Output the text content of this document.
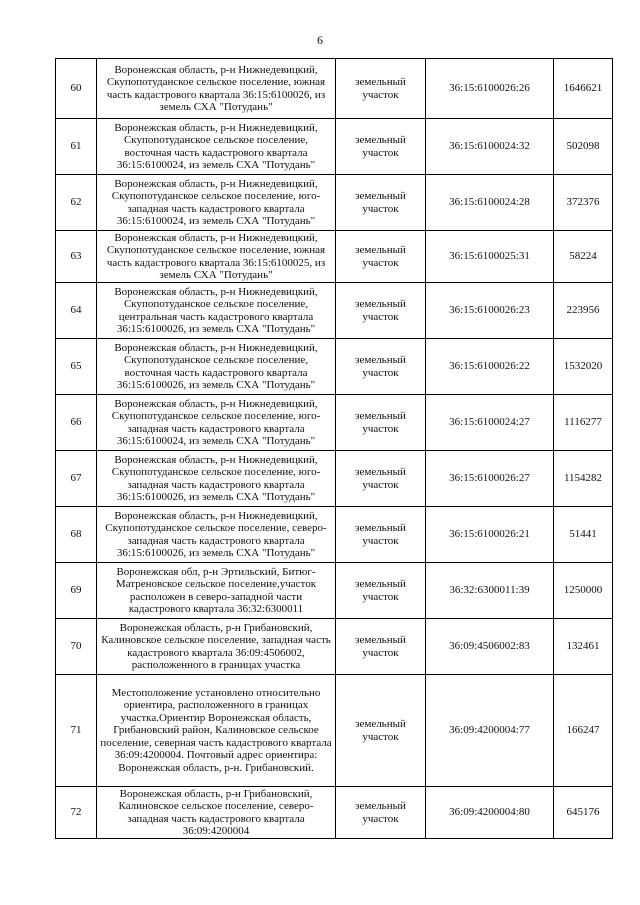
6
60	Воронежская область, р-н Нижнедевицкий, Скупопотуданское сельское поселение, южная часть кадастрового квартала 36:15:6100026, из земель СХА "Потудань"	земельный участок	36:15:6100026:26	1646621
61	Воронежская область, р-н Нижнедевицкий, Скупопотуданское сельское поселение, восточная часть кадастрового квартала 36:15:6100024, из земель СХА "Потудань"	земельный участок	36:15:6100024:32	502098
62	Воронежская область, р-н Нижнедевицкий, Скупопотуданское сельское поселение, юго-западная часть кадастрового квартала 36:15:6100024, из земель СХА "Потудань"	земельный участок	36:15:6100024:28	372376
63	Воронежская область, р-н Нижнедевицкий, Скупопотуданское сельское поселение, южная часть кадастрового квартала 36:15:6100025, из земель СХА "Потудань"	земельный участок	36:15:6100025:31	58224
64	Воронежская область, р-н Нижнедевицкий, Скупопотуданское сельское поселение, центральная часть кадастрового квартала 36:15:6100026, из земель СХА "Потудань"	земельный участок	36:15:6100026:23	223956
65	Воронежская область, р-н Нижнедевицкий, Скупопотуданское сельское поселение, восточная часть кадастрового квартала 36:15:6100026, из земель СХА "Потудань"	земельный участок	36:15:6100026:22	1532020
66	Воронежская область, р-н Нижнедевицкий, Скупопотуданское сельское поселение, юго-западная часть кадастрового квартала 36:15:6100024, из земель СХА "Потудань"	земельный участок	36:15:6100024:27	1116277
67	Воронежская область, р-н Нижнедевицкий, Скупопотуданское сельское поселение, юго-западная часть кадастрового квартала 36:15:6100026, из земель СХА "Потудань"	земельный участок	36:15:6100026:27	1154282
68	Воронежская область, р-н Нижнедевицкий, Скупопотуданское сельское поселение, северо-западная часть кадастрового квартала 36:15:6100026, из земель СХА "Потудань"	земельный участок	36:15:6100026:21	51441
69	Воронежская обл, р-н Эртильский, Битюг-Матреновское сельское поселение,участок расположен в северо-западной части кадастрового квартала 36:32:6300011	земельный участок	36:32:6300011:39	1250000
70	Воронежская область, р-н Грибановский, Калиновское сельское поселение, западная часть кадастрового квартала 36:09:4506002, расположенного в границах участка	земельный участок	36:09:4506002:83	132461
71	Местоположение установлено относительно ориентира, расположенного в границах участка.Ориентир Воронежская область, Грибановский район, Калиновское сельское поселение, северная часть кадастрового квартала 36:09:4200004. Почтовый адрес ориентира: Воронежская область, р-н. Грибановский.	земельный участок	36:09:4200004:77	166247
72	Воронежская область, р-н Грибановский, Калиновское сельское поселение, северо-западная часть кадастрового квартала 36:09:4200004	земельный участок	36:09:4200004:80	645176
